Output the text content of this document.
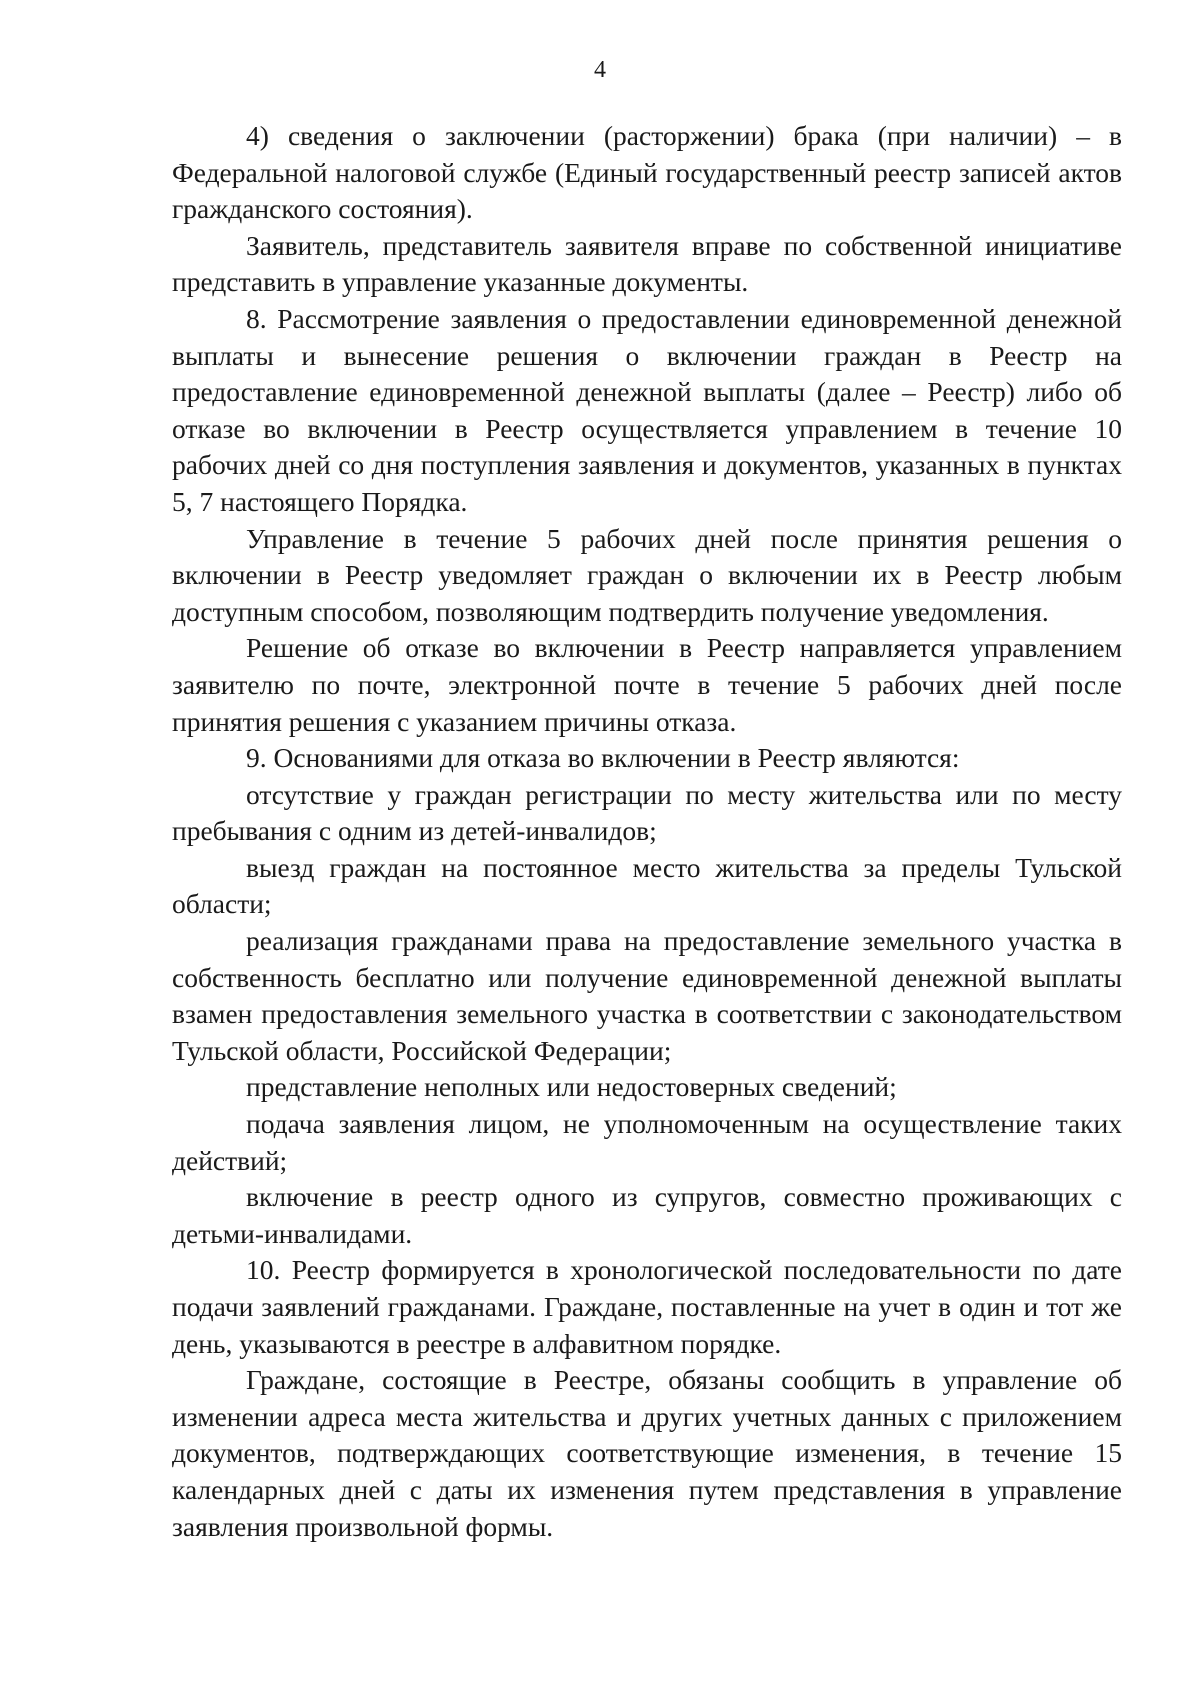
4

4) сведения о заключении (расторжении) брака (при наличии) – в Федеральной налоговой службе (Единый государственный реестр записей актов гражданского состояния).

Заявитель, представитель заявителя вправе по собственной инициативе представить в управление указанные документы.

8. Рассмотрение заявления о предоставлении единовременной денежной выплаты и вынесение решения о включении граждан в Реестр на предоставление единовременной денежной выплаты (далее – Реестр) либо об отказе во включении в Реестр осуществляется управлением в течение 10 рабочих дней со дня поступления заявления и документов, указанных в пунктах 5, 7 настоящего Порядка.

Управление в течение 5 рабочих дней после принятия решения о включении в Реестр уведомляет граждан о включении их в Реестр любым доступным способом, позволяющим подтвердить получение уведомления.

Решение об отказе во включении в Реестр направляется управлением заявителю по почте, электронной почте в течение 5 рабочих дней после принятия решения с указанием причины отказа.

9. Основаниями для отказа во включении в Реестр являются:

отсутствие у граждан регистрации по месту жительства или по месту пребывания с одним из детей-инвалидов;

выезд граждан на постоянное место жительства за пределы Тульской области;

реализация гражданами права на предоставление земельного участка в собственность бесплатно или получение единовременной денежной выплаты взамен предоставления земельного участка в соответствии с законодательством Тульской области, Российской Федерации;

представление неполных или недостоверных сведений;

подача заявления лицом, не уполномоченным на осуществление таких действий;

включение в реестр одного из супругов, совместно проживающих с детьми-инвалидами.

10. Реестр формируется в хронологической последовательности по дате подачи заявлений гражданами. Граждане, поставленные на учет в один и тот же день, указываются в реестре в алфавитном порядке.

Граждане, состоящие в Реестре, обязаны сообщить в управление об изменении адреса места жительства и других учетных данных с приложением документов, подтверждающих соответствующие изменения, в течение 15 календарных дней с даты их изменения путем представления в управление заявления произвольной формы.
